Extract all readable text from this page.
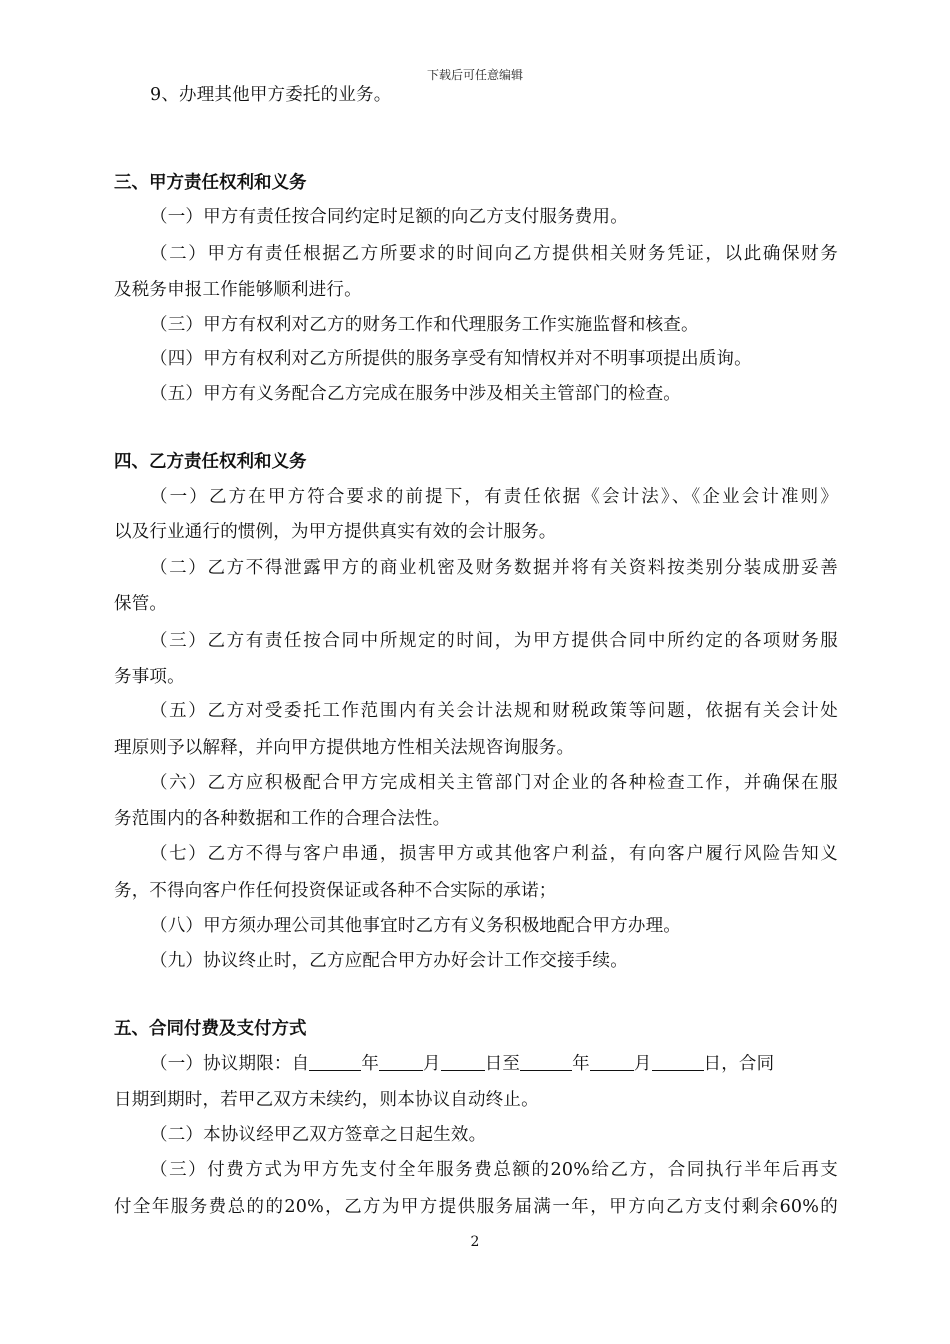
下载后可任意编辑
9、办理其他甲方委托的业务。
三、甲方责任权利和义务
（一）甲方有责任按合同约定时足额的向乙方支付服务费用。
（二）甲方有责任根据乙方所要求的时间向乙方提供相关财务凭证，以此确保财务
及税务申报工作能够顺利进行。
（三）甲方有权利对乙方的财务工作和代理服务工作实施监督和核查。
（四）甲方有权利对乙方所提供的服务享受有知情权并对不明事项提出质询。
（五）甲方有义务配合乙方完成在服务中涉及相关主管部门的检查。
四、乙方责任权利和义务
（一）乙方在甲方符合要求的前提下，有责任依据《会计法》、《企业会计准则》
以及行业通行的惯例，为甲方提供真实有效的会计服务。
（二）乙方不得泄露甲方的商业机密及财务数据并将有关资料按类别分装成册妥善
保管。
（三）乙方有责任按合同中所规定的时间，为甲方提供合同中所约定的各项财务服
务事项。
（五）乙方对受委托工作范围内有关会计法规和财税政策等问题，依据有关会计处
理原则予以解释，并向甲方提供地方性相关法规咨询服务。
（六）乙方应积极配合甲方完成相关主管部门对企业的各种检查工作，并确保在服
务范围内的各种数据和工作的合理合法性。
（七）乙方不得与客户串通，损害甲方或其他客户利益，有向客户履行风险告知义
务，不得向客户作任何投资保证或各种不合实际的承诺；
（八）甲方须办理公司其他事宜时乙方有义务积极地配合甲方办理。
（九）协议终止时，乙方应配合甲方办好会计工作交接手续。
五、合同付费及支付方式
（一）协议期限：自	年	月	日至	年	月	日，合同
日期到期时，若甲乙双方未续约，则本协议自动终止。
（二）本协议经甲乙双方签章之日起生效。
（三）付费方式为甲方先支付全年服务费总额的20%给乙方，合同执行半年后再支
付全年服务费总的的20%，乙方为甲方提供服务届满一年，甲方向乙方支付剩余60%的
2
